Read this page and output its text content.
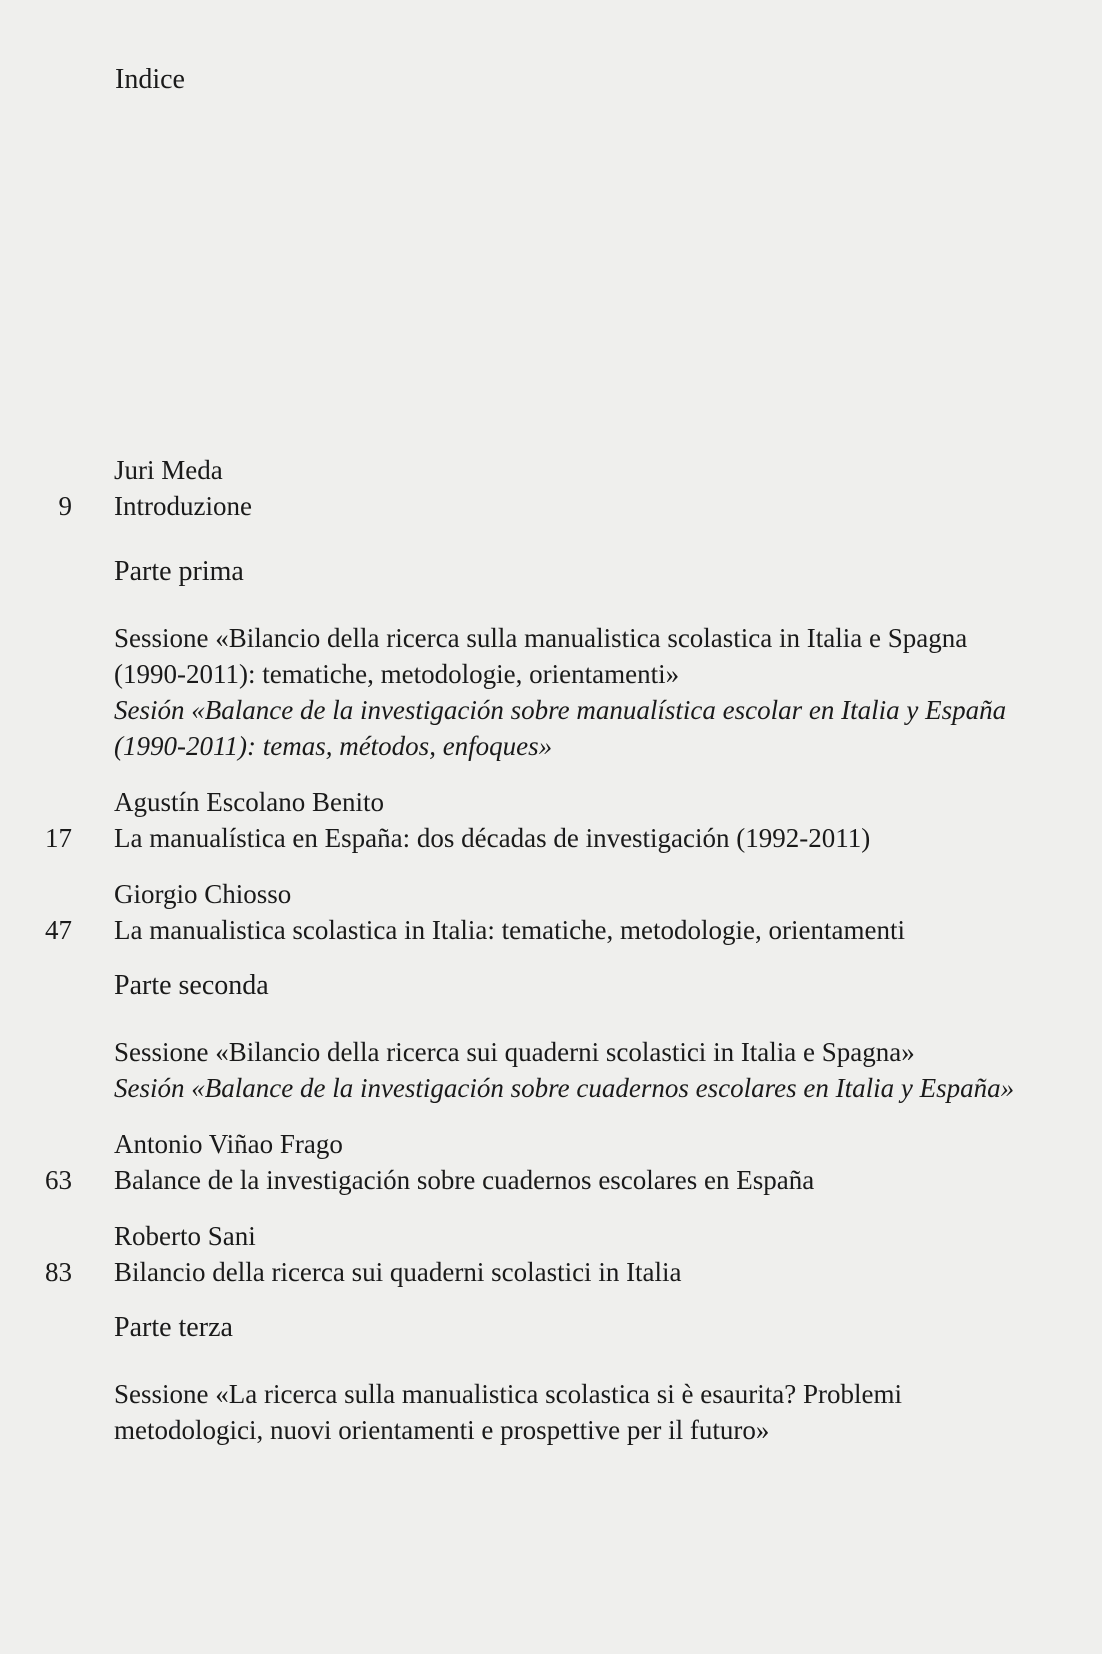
Indice
Juri Meda
9 Introduzione
Parte prima
Sessione «Bilancio della ricerca sulla manualistica scolastica in Italia e Spagna (1990-2011): tematiche, metodologie, orientamenti»
Sesión «Balance de la investigación sobre manualística escolar en Italia y España (1990-2011): temas, métodos, enfoques»
Agustín Escolano Benito
17 La manualística en España: dos décadas de investigación (1992-2011)
Giorgio Chiosso
47 La manualistica scolastica in Italia: tematiche, metodologie, orientamenti
Parte seconda
Sessione «Bilancio della ricerca sui quaderni scolastici in Italia e Spagna»
Sesión «Balance de la investigación sobre cuadernos escolares en Italia y España»
Antonio Viñao Frago
63 Balance de la investigación sobre cuadernos escolares en España
Roberto Sani
83 Bilancio della ricerca sui quaderni scolastici in Italia
Parte terza
Sessione «La ricerca sulla manualistica scolastica si è esaurita? Problemi metodologici, nuovi orientamenti e prospettive per il futuro»
